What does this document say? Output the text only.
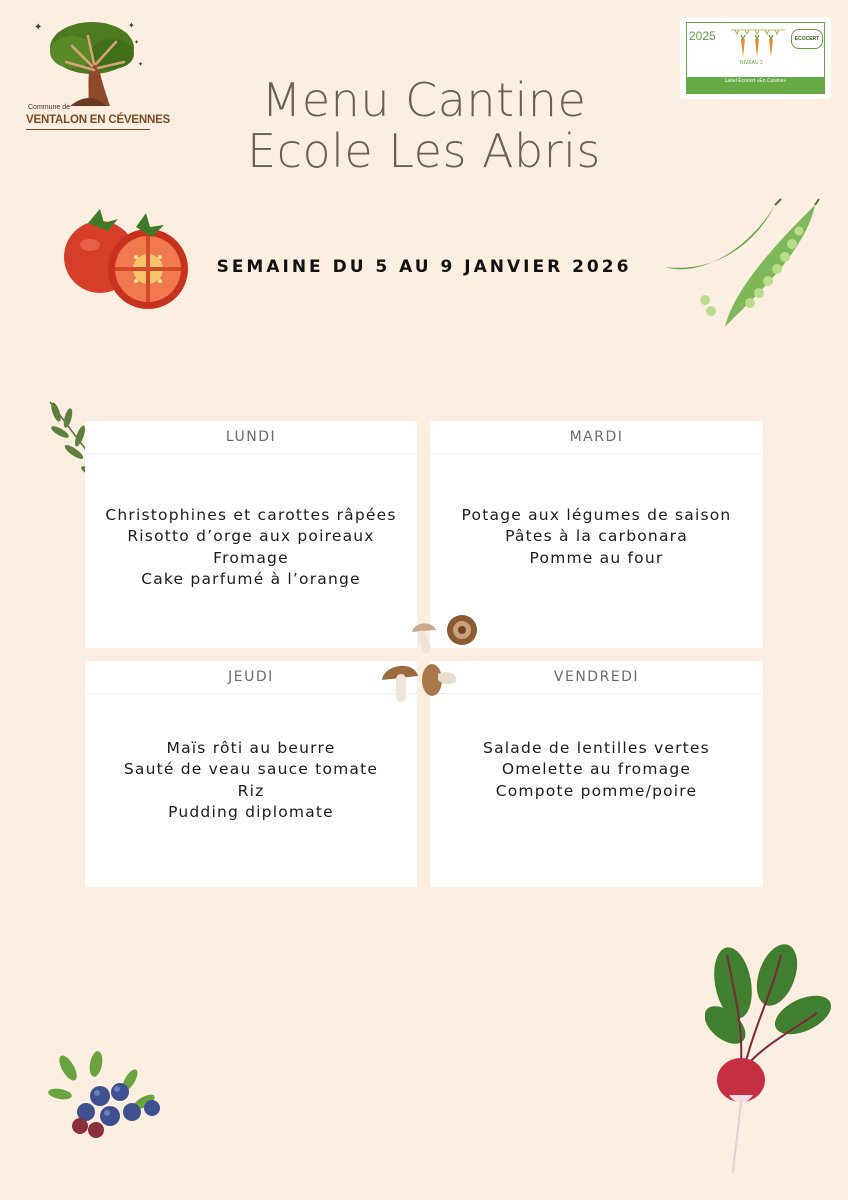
✦	✦
✦
✦
Commune de
VENTALON EN CÉVENNES
2025
NIVEAU 2
ECOCERT
Label Ecocert «En Cuisine»
Menu Cantine
Ecole Les Abris
SEMAINE DU 5 AU 9 JANVIER 2026
LUNDI
Christophines et carottes râpées
Risotto d’orge aux poireaux
Fromage
Cake parfumé à l’orange
MARDI
Potage aux légumes de saison
Pâtes à la carbonara
Pomme au four
JEUDI
Maïs rôti au beurre
Sauté de veau sauce tomate
Riz
Pudding diplomate
VENDREDI
Salade de lentilles vertes
Omelette au fromage
Compote pomme/poire
